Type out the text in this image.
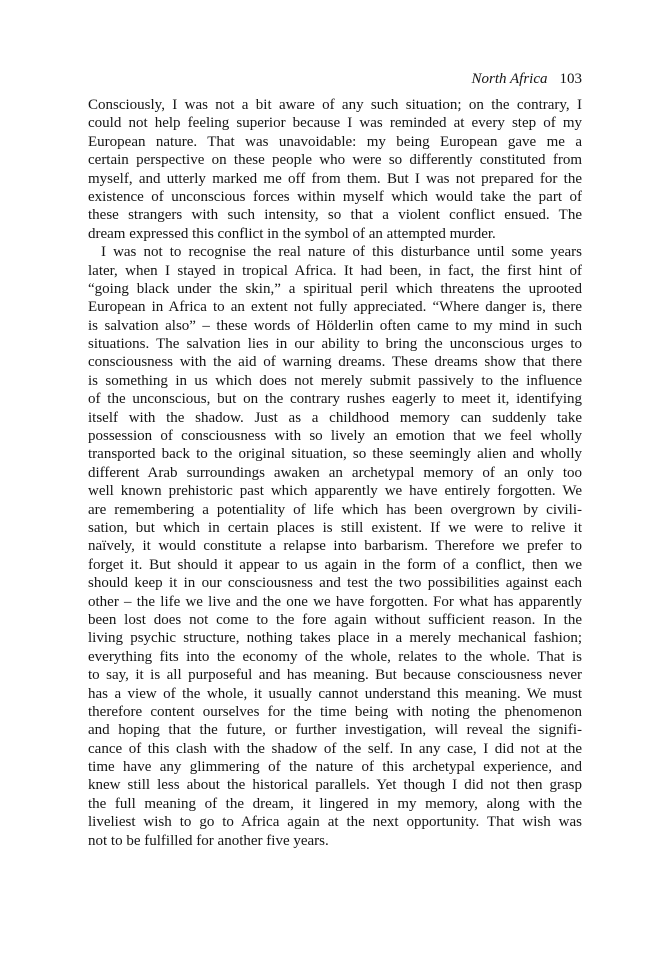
North Africa 103
Consciously, I was not a bit aware of any such situation; on the contrary, I
could not help feeling superior because I was reminded at every step of my
European nature. That was unavoidable: my being European gave me a
certain perspective on these people who were so differently constituted from
myself, and utterly marked me off from them. But I was not prepared for the
existence of unconscious forces within myself which would take the part of
these strangers with such intensity, so that a violent conflict ensued. The
dream expressed this conflict in the symbol of an attempted murder.
I was not to recognise the real nature of this disturbance until some years
later, when I stayed in tropical Africa. It had been, in fact, the first hint of
“going black under the skin,” a spiritual peril which threatens the uprooted
European in Africa to an extent not fully appreciated. “Where danger is, there
is salvation also” – these words of Hölderlin often came to my mind in such
situations. The salvation lies in our ability to bring the unconscious urges to
consciousness with the aid of warning dreams. These dreams show that there
is something in us which does not merely submit passively to the influence
of the unconscious, but on the contrary rushes eagerly to meet it, identifying
itself with the shadow. Just as a childhood memory can suddenly take
possession of consciousness with so lively an emotion that we feel wholly
transported back to the original situation, so these seemingly alien and wholly
different Arab surroundings awaken an archetypal memory of an only too
well known prehistoric past which apparently we have entirely forgotten. We
are remembering a potentiality of life which has been overgrown by civili-
sation, but which in certain places is still existent. If we were to relive it
naïvely, it would constitute a relapse into barbarism. Therefore we prefer to
forget it. But should it appear to us again in the form of a conflict, then we
should keep it in our consciousness and test the two possibilities against each
other – the life we live and the one we have forgotten. For what has apparently
been lost does not come to the fore again without sufficient reason. In the
living psychic structure, nothing takes place in a merely mechanical fashion;
everything fits into the economy of the whole, relates to the whole. That is
to say, it is all purposeful and has meaning. But because consciousness never
has a view of the whole, it usually cannot understand this meaning. We must
therefore content ourselves for the time being with noting the phenomenon
and hoping that the future, or further investigation, will reveal the signifi-
cance of this clash with the shadow of the self. In any case, I did not at the
time have any glimmering of the nature of this archetypal experience, and
knew still less about the historical parallels. Yet though I did not then grasp
the full meaning of the dream, it lingered in my memory, along with the
liveliest wish to go to Africa again at the next opportunity. That wish was
not to be fulfilled for another five years.
